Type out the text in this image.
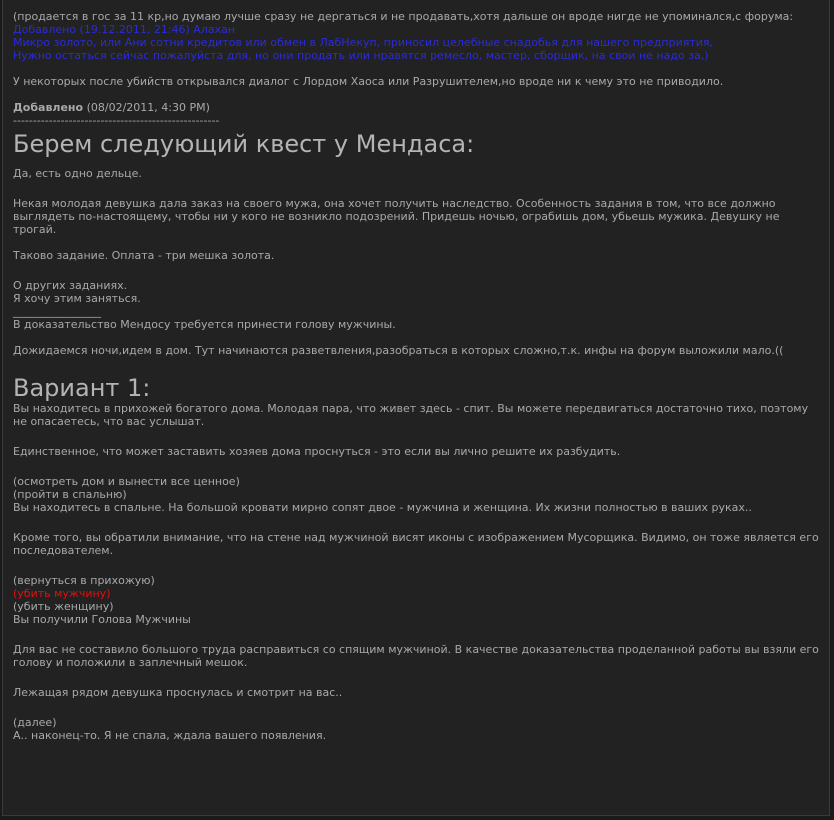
(продается в гос за 11 кр,но думаю лучше сразу не дергаться и не продавать,хотя дальше он вроде нигде не упоминался,с форума:

Добавлено (19.12.2011, 21:46) Алахан

Микро золото, или Ани сотни кредитов или обмен в ЛабНекуп, приносил целебные снадобья для нашего предприятия,

Нужно остаться сейчас пожалуйста для, но они продать или нравятся ремесло, мастер, сборщик, на свои не надо за,)

У некоторых после убийств открывался диалог с Лордом Хаоса или Разрушителем,но вроде ни к чему это не приводило.

Добавлено (08/02/2011, 4:30 PM)

----------------------------------------------------

Берем следующий квест у Мендаса:

Да, есть одно дельце.

Некая молодая девушка дала заказ на своего мужа, она хочет получить наследство. Особенность задания в том, что все должно выглядеть по-настоящему, чтобы ни у кого не возникло подозрений. Придешь ночью, ограбишь дом, убьешь мужика. Девушку не трогай.

Таково задание. Оплата - три мешка золота.

О других заданиях.

Я хочу этим заняться.

________________

В доказательство Мендосу требуется принести голову мужчины.

Дожидаемся ночи,идем в дом. Тут начинаются разветвления,разобраться в которых сложно,т.к. инфы на форум выложили мало.((

Вариант 1:

Вы находитесь в прихожей богатого дома. Молодая пара, что живет здесь - спит. Вы можете передвигаться достаточно тихо, поэтому не опасаетесь, что вас услышат.

Единственное, что может заставить хозяев дома проснуться - это если вы лично решите их разбудить.

(осмотреть дом и вынести все ценное)

(пройти в спальню)

Вы находитесь в спальне. На большой кровати мирно сопят двое - мужчина и женщина. Их жизни полностью в ваших руках..

Кроме того, вы обратили внимание, что на стене над мужчиной висят иконы с изображением Мусорщика. Видимо, он тоже является его последователем.

(вернуться в прихожую)

(убить мужчину)

(убить женщину)

Вы получили Голова Мужчины

Для вас не составило большого труда расправиться со спящим мужчиной. В качестве доказательства проделанной работы вы взяли его голову и положили в заплечный мешок.

Лежащая рядом девушка проснулась и смотрит на вас..

(далее)

А.. наконец-то. Я не спала, ждала вашего появления.
